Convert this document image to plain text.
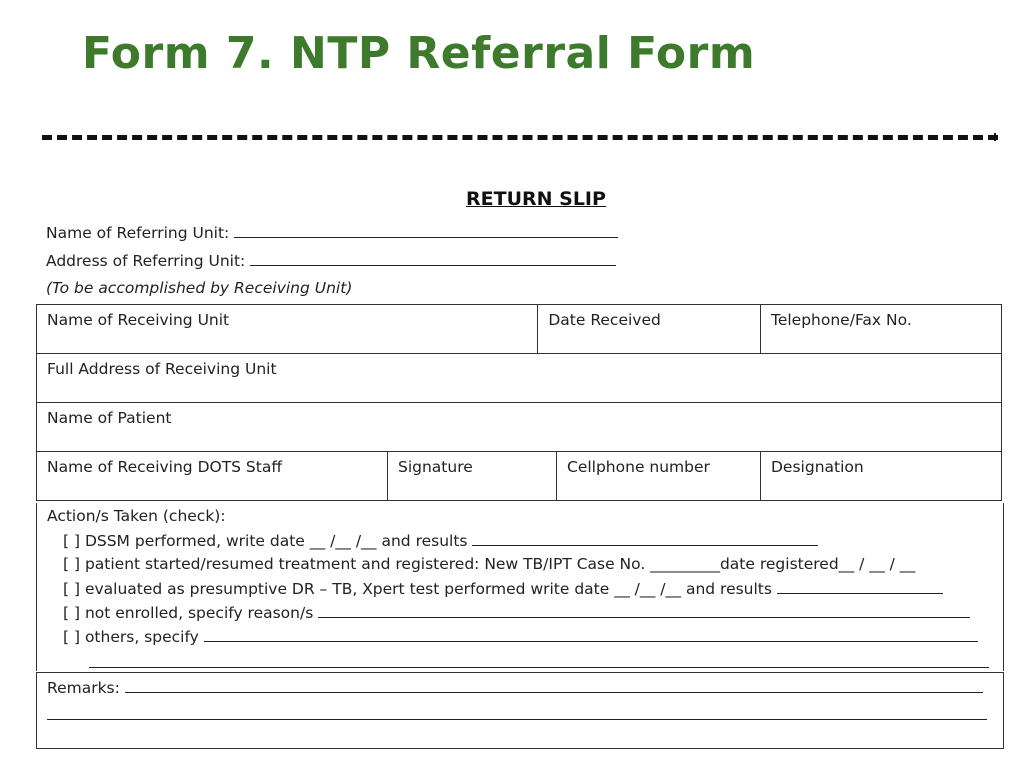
Form 7. NTP Referral Form
RETURN SLIP
Name of Referring Unit:
Address of Referring Unit:
(To be accomplished by Receiving Unit)
Name of Receiving Unit		Date Received		Telephone/Fax No.
Full Address of Receiving Unit				
Name of Patient				
Name of Receiving DOTS Staff	Signature		Cellphone number	Designation
Action/s Taken (check):
[ ] DSSM performed, write date __ /__ /__ and results
[ ] patient started/resumed treatment and registered: New TB/IPT Case No. _________date registered__ / __ / __
[ ] evaluated as presumptive DR – TB, Xpert test performed write date __ /__ /__ and results
[ ] not enrolled, specify reason/s
[ ] others, specify
Remarks:
